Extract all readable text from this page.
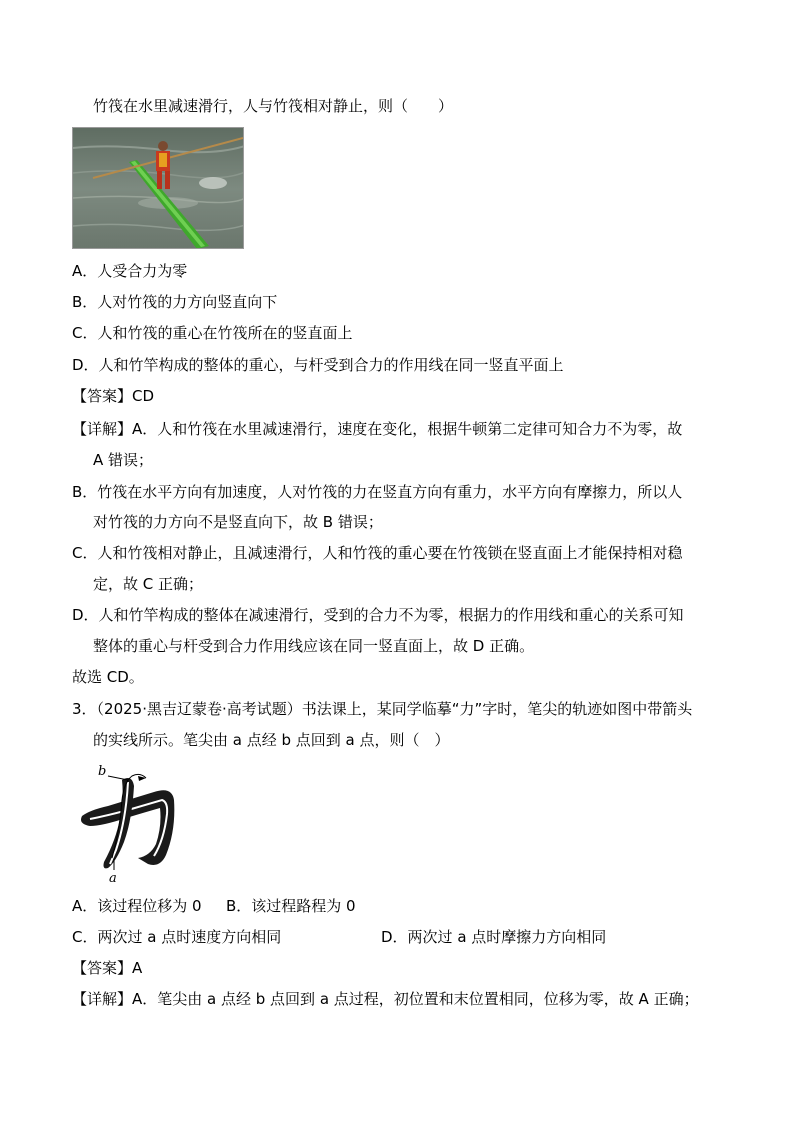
竹筏在水里减速滑行，人与竹筏相对静止，则（　　）
A．人受合力为零
B．人对竹筏的力方向竖直向下
C．人和竹筏的重心在竹筏所在的竖直面上
D．人和竹竿构成的整体的重心，与杆受到合力的作用线在同一竖直平面上
【答案】CD
【详解】A．人和竹筏在水里减速滑行，速度在变化，根据牛顿第二定律可知合力不为零，故
A 错误；
B．竹筏在水平方向有加速度，人对竹筏的力在竖直方向有重力，水平方向有摩擦力，所以人
对竹筏的力方向不是竖直向下，故 B 错误；
C．人和竹筏相对静止，且减速滑行，人和竹筏的重心要在竹筏锁在竖直面上才能保持相对稳
定，故 C 正确；
D．人和竹竿构成的整体在减速滑行，受到的合力不为零，根据力的作用线和重心的关系可知
整体的重心与杆受到合力作用线应该在同一竖直面上，故 D 正确。
故选 CD。
3．（2025·黑吉辽蒙卷·高考试题）书法课上，某同学临摹“力”字时，笔尖的轨迹如图中带箭头
的实线所示。笔尖由 a 点经 b 点回到 a 点，则（　）
b
a
A．该过程位移为 0 B．该过程路程为 0
C．两次过 a 点时速度方向相同	D．两次过 a 点时摩擦力方向相同
【答案】A
【详解】A．笔尖由 a 点经 b 点回到 a 点过程，初位置和末位置相同，位移为零，故 A 正确；
